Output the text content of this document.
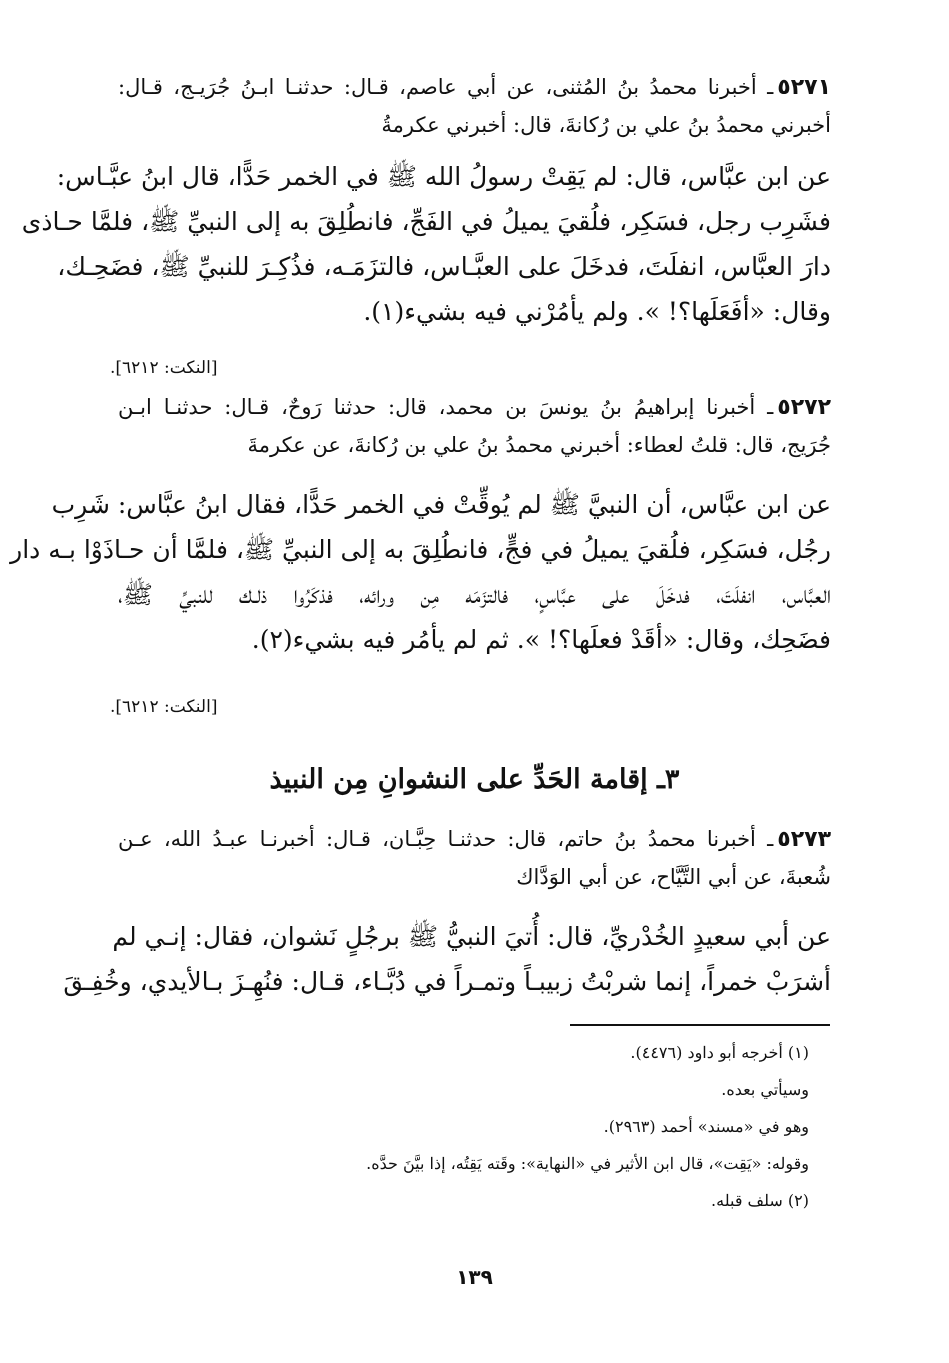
٥٢٧١ـ أخبرنا محمدُ بنُ المُثنى، عن أبي عاصم، قـال: حدثنـا ابـنُ جُرَيـج، قـال:
أخبرني محمدُ بنُ علي بن رُكانةَ، قال: أخبرني عكرمةُ
عن ابن عبَّاس، قال: لم يَقِتْ رسولُ الله ﷺ في الخمر حَدًّا، قال ابنُ عبَّـاس:
فشَرِب رجل، فسَكِر، فلُقيَ يميلُ في الفَجِّ، فانطُلِقَ به إلى النبيِّ ﷺ، فلمَّا حـاذى
دارَ العبَّاس، انفلَتَ، فدخَلَ على العبَّـاس، فالتزَمَـه، فذُكِـرَ للنبيِّ ﷺ، فضَحِـك،
وقال: «أفَعَلَها؟! ». ولم يأمُرْني فيه بشيء(١).
[النكت: ٦٢١٢].
٥٢٧٢ـ أخبرنا إبراهيمُ بنُ يونسَ بن محمد، قال: حدثنا رَوحٌ، قـال: حدثنـا ابـن
جُرَيج، قال: قلتُ لعطاء: أخبرني محمدُ بنُ علي بن رُكانةَ، عن عكرمةَ
عن ابن عبَّاس، أن النبيَّ ﷺ لم يُوقِّتْ في الخمر حَدًّا، فقال ابنُ عبَّاس: شَرِب
رجُل، فسَكِر، فلُقيَ يميلُ في فجٍّ، فانطُلِقَ به إلى النبيِّ ﷺ، فلمَّا أن حـاذَوْا بـه دار
العبَّاس، انفلَتَ، فدخَلَ على عبَّاسٍ، فالتزَمَه مِن ورائه، فذكَرُوا ذلـك للنبيِّ ﷺ،
فضَحِك، وقال: «أقَدْ فعلَها؟! ». ثم لم يأمُر فيه بشيء(٢).
[النكت: ٦٢١٢].
٣ـ إقامة الحَدِّ على النشوانِ مِن النبيذ
٥٢٧٣ـ أخبرنا محمدُ بنُ حاتم، قال: حدثنـا حِبَّـان، قـال: أخبرنـا عبـدُ الله، عـن
شُعبةَ، عن أبي التَّيَّاح، عن أبي الوَدَّاك
عن أبي سعيدٍ الخُدْريِّ، قال: أُتيَ النبيُّ ﷺ برجُلٍ نَشوان، فقال: إنـي لم
أشرَبْ خمراً، إنما شربْتُ زبيبـاً وتمـراً في دُبَّـاء، قـال: فنُهِـزَ بـالأيدي، وخُفِـقَ
(١) أخرجه أبو داود (٤٤٧٦).
وسيأتي بعده.
وهو في «مسند» أحمد (٢٩٦٣).
وقوله: «يَقِت»، قال ابن الأثير في «النهاية»: وقَته يَقِتُه، إذا بيَّنَ حدَّه.
(٢) سلف قبله.
١٣٩
